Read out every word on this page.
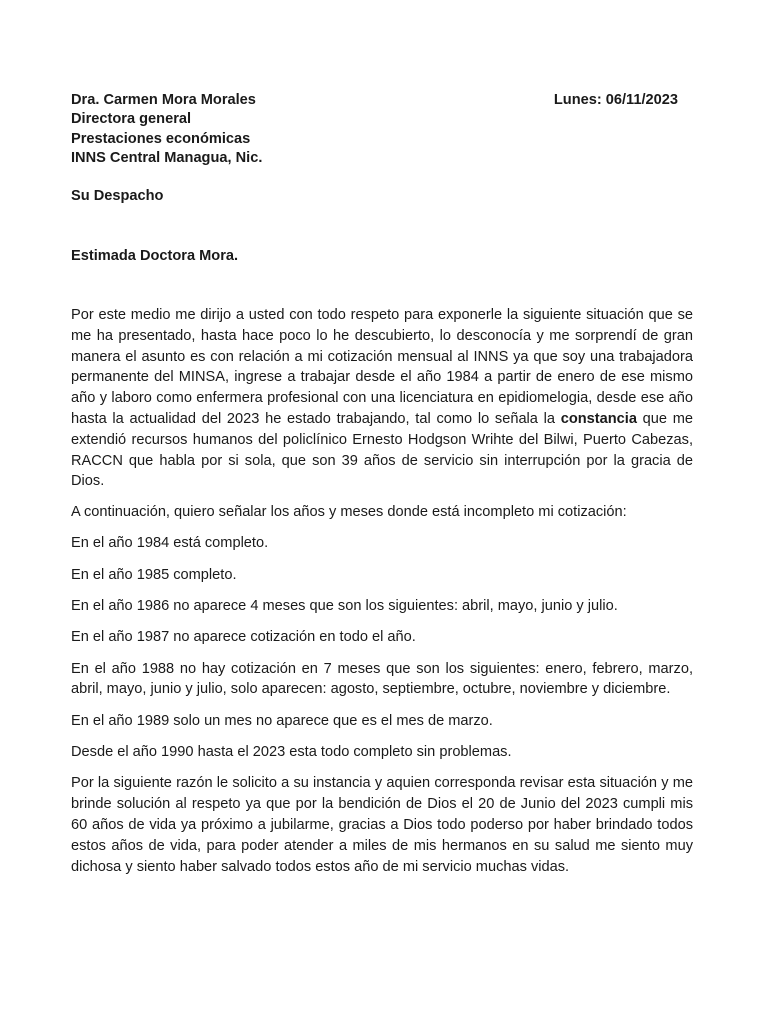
Dra. Carmen Mora Morales
Directora general
Prestaciones económicas
INNS Central Managua, Nic.
Lunes: 06/11/2023
Su Despacho
Estimada Doctora Mora.

Por este medio me dirijo a usted con todo respeto para exponerle la siguiente situación que se me ha presentado, hasta hace poco lo he descubierto, lo desconocía y me sorprendí de gran manera el asunto es con relación a mi cotización mensual al INNS ya que soy una trabajadora permanente del MINSA, ingrese a trabajar desde el año 1984 a partir de enero de ese mismo año y laboro como enfermera profesional con una licenciatura en epidiomelogia, desde ese año hasta la actualidad del 2023 he estado trabajando, tal como lo señala la constancia que me extendió recursos humanos del policlínico Ernesto Hodgson Wrihte del Bilwi, Puerto Cabezas, RACCN que habla por si sola, que son 39 años de servicio sin interrupción por la gracia de Dios.

A continuación, quiero señalar los años y meses donde está incompleto mi cotización:

En el año 1984 está completo.

En el año 1985 completo.

En el año 1986 no aparece 4 meses que son los siguientes: abril, mayo, junio y julio.

En el año 1987 no aparece cotización en todo el año.

En el año 1988 no hay cotización en 7 meses que son los siguientes: enero, febrero, marzo, abril, mayo, junio y julio, solo aparecen: agosto, septiembre, octubre, noviembre y diciembre.

En el año 1989 solo un mes no aparece que es el mes de marzo.

Desde el año 1990 hasta el 2023 esta todo completo sin problemas.

Por la siguiente razón le solicito a su instancia y aquien corresponda revisar esta situación y me brinde solución al respeto ya que por la bendición de Dios el 20 de Junio del 2023 cumpli mis 60 años de vida ya próximo a jubilarme, gracias a Dios todo poderso por haber brindado todos estos años de vida, para poder atender a miles de mis hermanos en su salud me siento muy dichosa y siento haber salvado todos estos año de mi servicio muchas vidas.
